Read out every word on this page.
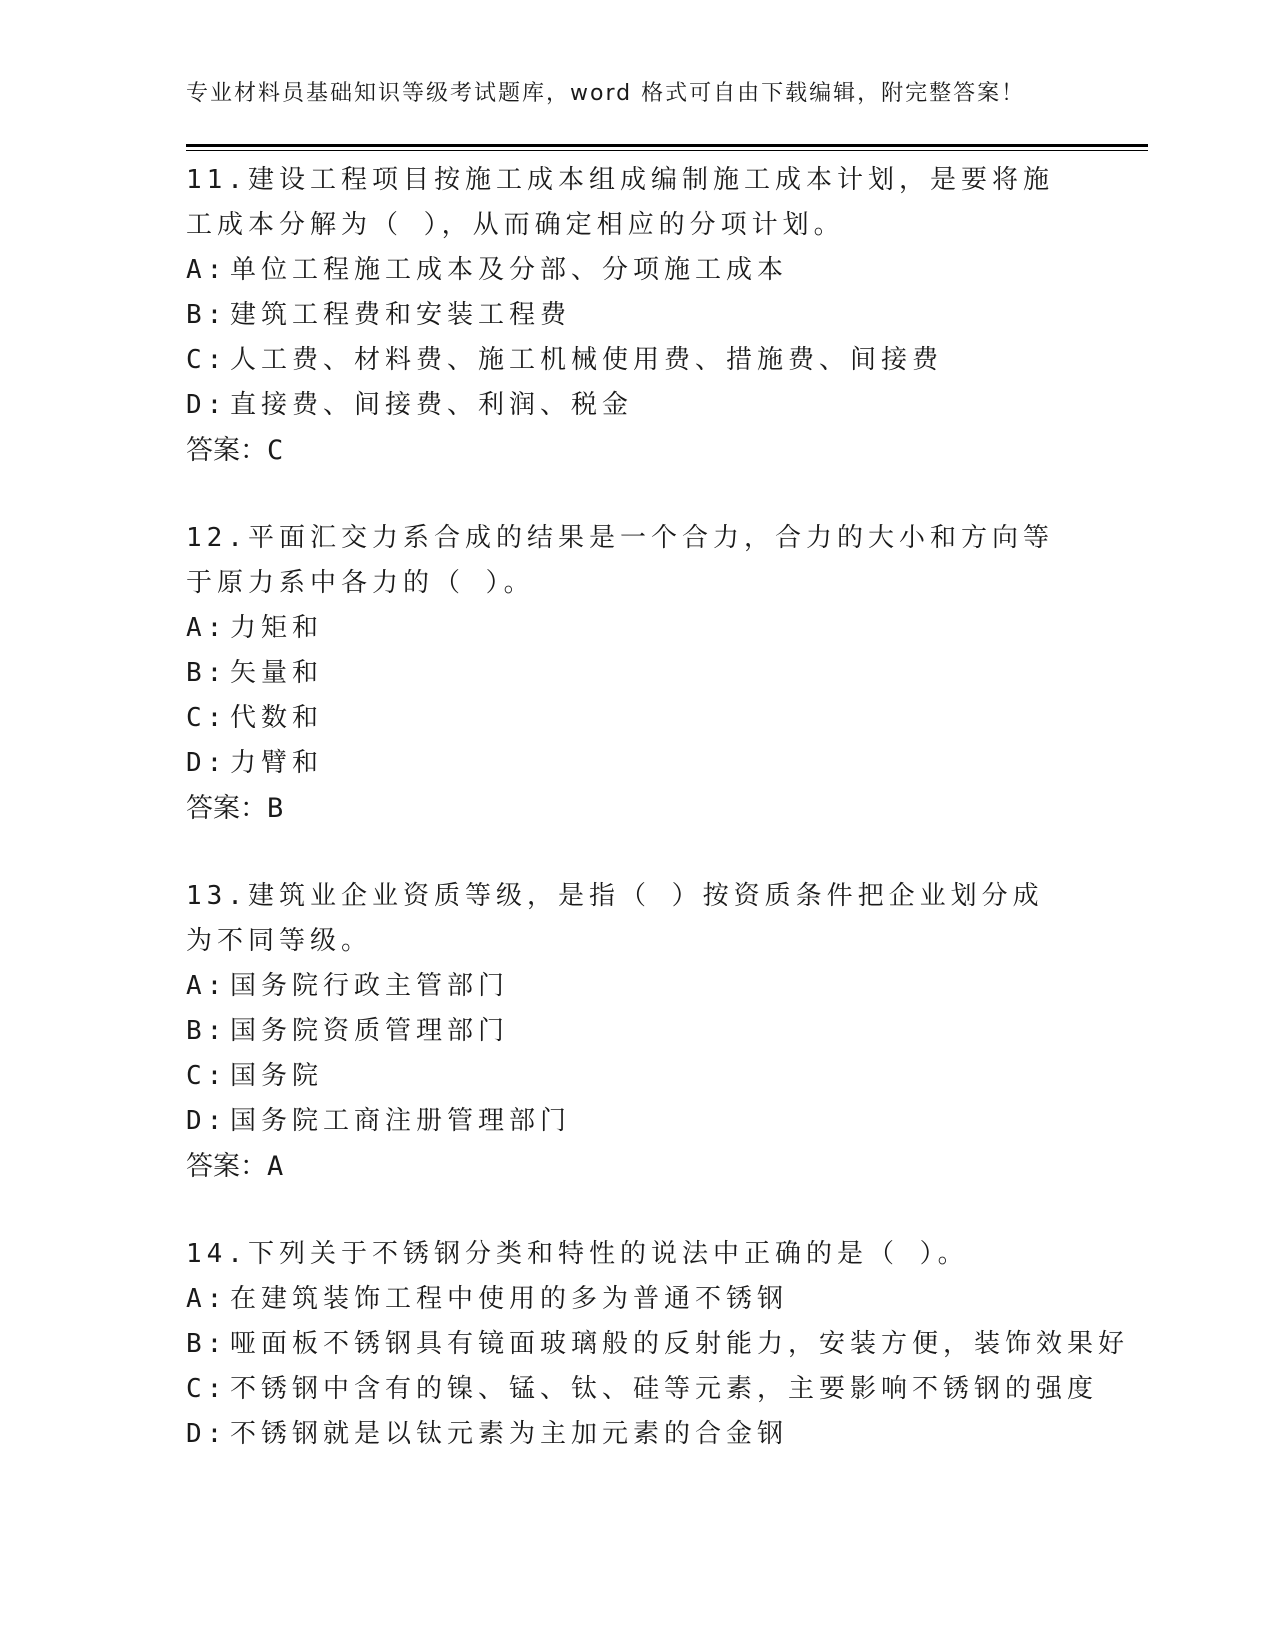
专业材料员基础知识等级考试题库，word 格式可自由下载编辑，附完整答案！

11.建设工程项目按施工成本组成编制施工成本计划，是要将施工成本分解为（ ），从而确定相应的分项计划。

A: 单位工程施工成本及分部、分项施工成本

B: 建筑工程费和安装工程费

C: 人工费、材料费、施工机械使用费、措施费、间接费

D: 直接费、间接费、利润、税金

答案：C

12.平面汇交力系合成的结果是一个合力，合力的大小和方向等于原力系中各力的（ ）。

A: 力矩和

B: 矢量和

C: 代数和

D: 力臂和

答案：B

13.建筑业企业资质等级，是指（ ）按资质条件把企业划分成为不同等级。

A: 国务院行政主管部门

B: 国务院资质管理部门

C: 国务院

D: 国务院工商注册管理部门

答案：A

14.下列关于不锈钢分类和特性的说法中正确的是（ ）。

A: 在建筑装饰工程中使用的多为普通不锈钢

B: 哑面板不锈钢具有镜面玻璃般的反射能力，安装方便，装饰效果好

C: 不锈钢中含有的镍、锰、钛、硅等元素，主要影响不锈钢的强度

D: 不锈钢就是以钛元素为主加元素的合金钢
